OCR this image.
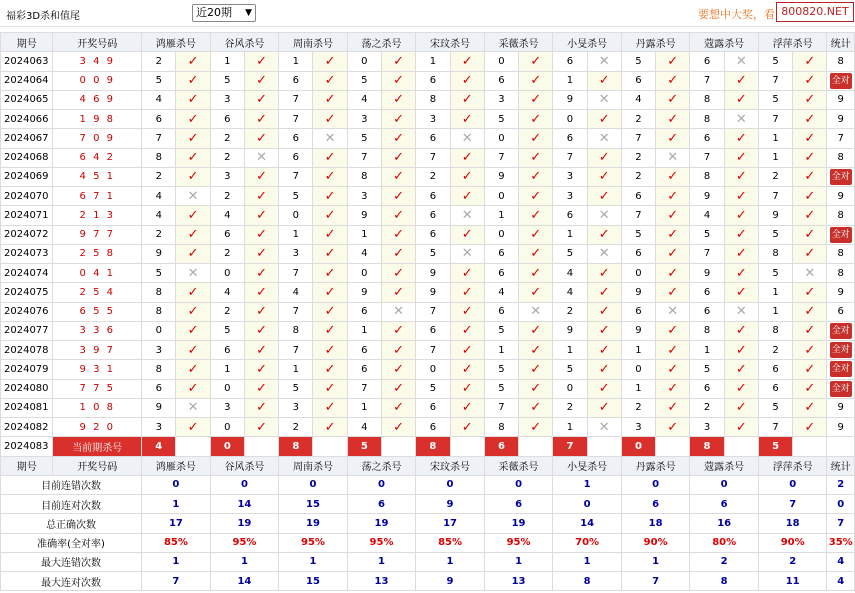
福彩3D杀和值尾	近20期 ▼	要想中大奖，看 800820.NET
期号	开奖号码	鸿雁杀号		谷风杀号		周南杀号		荡之杀号		宋玟杀号		采薇杀号		小旻杀号		丹露杀号		蔻露杀号		浮萍杀号		统计
2024063	3 4 9	2	✓	1	✓	1	✓	0	✓	1	✓	0	✓	6	✕	5	✓	6	✕	5	✓	8
2024064	0 0 9	5	✓	5	✓	6	✓	5	✓	6	✓	6	✓	1	✓	6	✓	7	✓	7	✓	全对
2024065	4 6 9	4	✓	3	✓	7	✓	4	✓	8	✓	3	✓	9	✕	4	✓	8	✓	5	✓	9
2024066	1 9 8	6	✓	6	✓	7	✓	3	✓	3	✓	5	✓	0	✓	2	✓	8	✕	7	✓	9
2024067	7 0 9	7	✓	2	✓	6	✕	5	✓	6	✕	0	✓	6	✕	7	✓	6	✓	1	✓	7
2024068	6 4 2	8	✓	2	✕	6	✓	7	✓	7	✓	7	✓	7	✓	2	✕	7	✓	1	✓	8
2024069	4 5 1	2	✓	3	✓	7	✓	8	✓	2	✓	9	✓	3	✓	2	✓	8	✓	2	✓	全对
2024070	6 7 1	4	✕	2	✓	5	✓	3	✓	6	✓	0	✓	3	✓	6	✓	9	✓	7	✓	9
2024071	2 1 3	4	✓	4	✓	0	✓	9	✓	6	✕	1	✓	6	✕	7	✓	4	✓	9	✓	8
2024072	9 7 7	2	✓	6	✓	1	✓	1	✓	6	✓	0	✓	1	✓	5	✓	5	✓	5	✓	全对
2024073	2 5 8	9	✓	2	✓	3	✓	4	✓	5	✕	6	✓	5	✕	6	✓	7	✓	8	✓	8
2024074	0 4 1	5	✕	0	✓	7	✓	0	✓	9	✓	6	✓	4	✓	0	✓	9	✓	5	✕	8
2024075	2 5 4	8	✓	4	✓	4	✓	9	✓	9	✓	4	✓	4	✓	9	✓	6	✓	1	✓	9
2024076	6 5 5	8	✓	2	✓	7	✓	6	✕	7	✓	6	✕	2	✓	6	✕	6	✕	1	✓	6
2024077	3 3 6	0	✓	5	✓	8	✓	1	✓	6	✓	5	✓	9	✓	9	✓	8	✓	8	✓	全对
2024078	3 9 7	3	✓	6	✓	7	✓	6	✓	7	✓	1	✓	1	✓	1	✓	1	✓	2	✓	全对
2024079	9 3 1	8	✓	1	✓	1	✓	6	✓	0	✓	5	✓	5	✓	0	✓	5	✓	6	✓	全对
2024080	7 7 5	6	✓	0	✓	5	✓	7	✓	5	✓	5	✓	0	✓	1	✓	6	✓	6	✓	全对
2024081	1 0 8	9	✕	3	✓	3	✓	1	✓	6	✓	7	✓	2	✓	2	✓	2	✓	5	✓	9
2024082	9 2 0	3	✓	0	✓	2	✓	4	✓	6	✓	8	✓	1	✕	3	✓	3	✓	7	✓	9
2024083	当前期杀号	4		0		8		5		8		6		7		0		8		5		
期号	开奖号码	鸿雁杀号		谷风杀号		周南杀号		荡之杀号		宋玟杀号		采薇杀号		小旻杀号		丹露杀号		蔻露杀号		浮萍杀号		统计
目前连错次数		0		0		0		0		0		0		1		0		0		0		2
目前连对次数		1		14		15		6		9		6		0		6		6		7		0
总正确次数		17		19		19		19		17		19		14		18		16		18		7
准确率(全对率)		85%		95%		95%		95%		85%		95%		70%		90%		80%		90%		35%
最大连错次数		1		1		1		1		1		1		1		1		2		2		4
最大连对次数		7		14		15		13		9		13		8		7		8		11		4
